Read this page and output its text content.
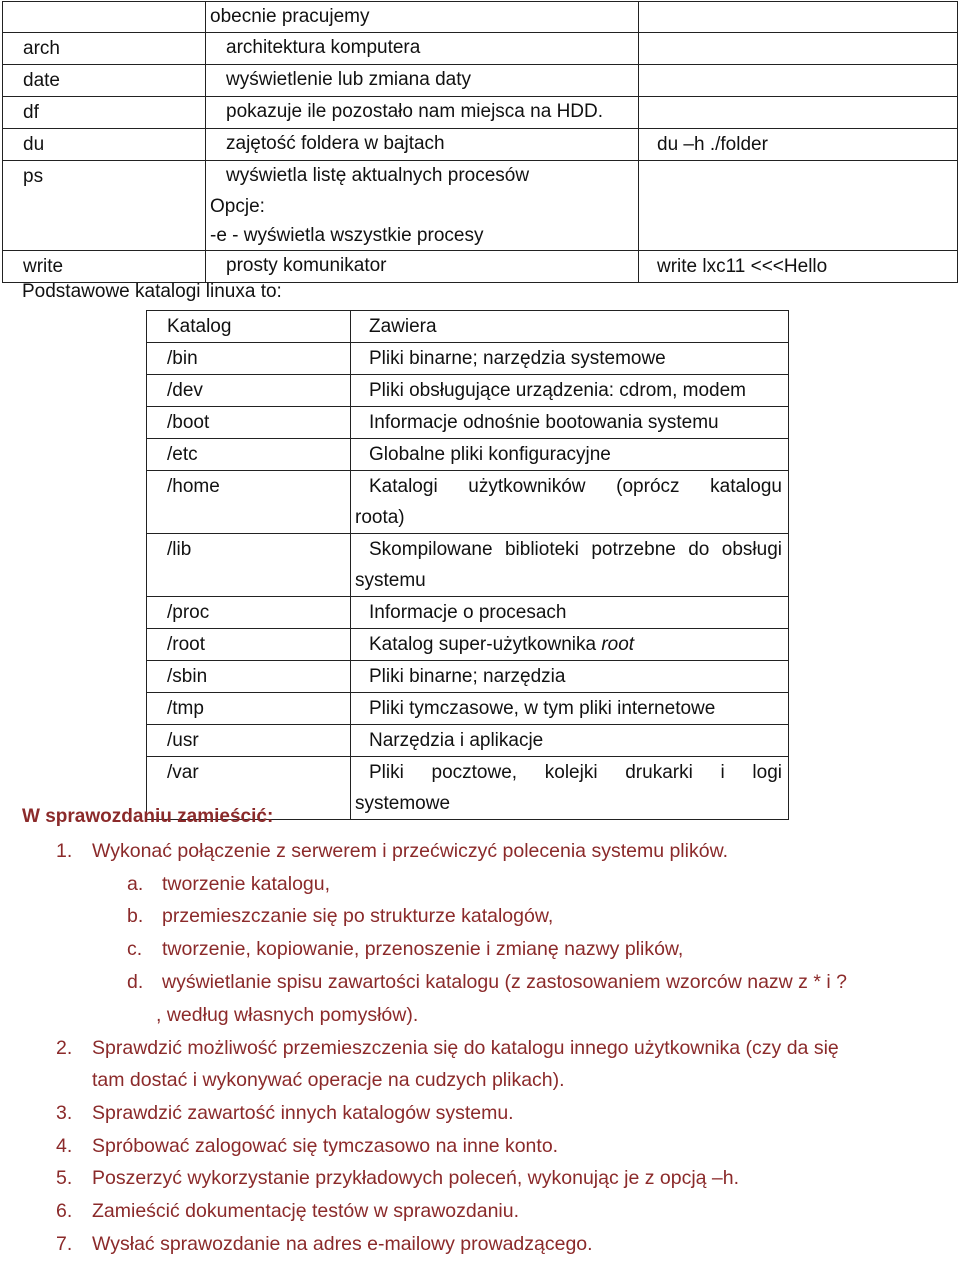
	obecnie pracujemy	
arch	architektura komputera	
date	wyświetlenie lub zmiana daty	
df	pokazuje ile pozostało nam miejsca na HDD.	
du	zajętość foldera w bajtach	du –h ./folder
ps	wyświetla listę aktualnych procesów	

	Opcje:
-e - wyświetla wszystkie procesy	

write	prosty komunikator	write lxc11 <<<Hello
Podstawowe katalogi linuxa to:
Katalog	Zawiera
/bin	Pliki binarne; narzędzia systemowe
/dev	Pliki obsługujące urządzenia: cdrom, modem
/boot	Informacje odnośnie bootowania systemu
/etc	Globalne pliki konfiguracyjne
/home	Katalogi użytkowników (oprócz katalogu
roota)

/lib	Skompilowane biblioteki potrzebne do obsługi
systemu

/proc	Informacje o procesach
/root	Katalog super-użytkownika root
/sbin	Pliki binarne; narzędzia
/tmp	Pliki tymczasowe, w tym pliki internetowe
/usr	Narzędzia i aplikacje
/var	Pliki pocztowe, kolejki drukarki i logi
systemowe
W sprawozdaniu zamieścić:
1. Wykonać połączenie z serwerem i przećwiczyć polecenia systemu plików.
a. tworzenie katalogu,
b. przemieszczanie się po strukturze katalogów,
c. tworzenie, kopiowanie, przenoszenie i zmianę nazwy plików,
d. wyświetlanie spisu zawartości katalogu (z zastosowaniem wzorców nazw z * i ?
, według własnych pomysłów).
2. Sprawdzić możliwość przemieszczenia się do katalogu innego użytkownika (czy da się
tam dostać i wykonywać operacje na cudzych plikach).
3. Sprawdzić zawartość innych katalogów systemu.
4. Spróbować zalogować się tymczasowo na inne konto.
5. Poszerzyć wykorzystanie przykładowych poleceń, wykonując je z opcją –h.
6. Zamieścić dokumentację testów w sprawozdaniu.
7. Wysłać sprawozdanie na adres e-mailowy prowadzącego.
